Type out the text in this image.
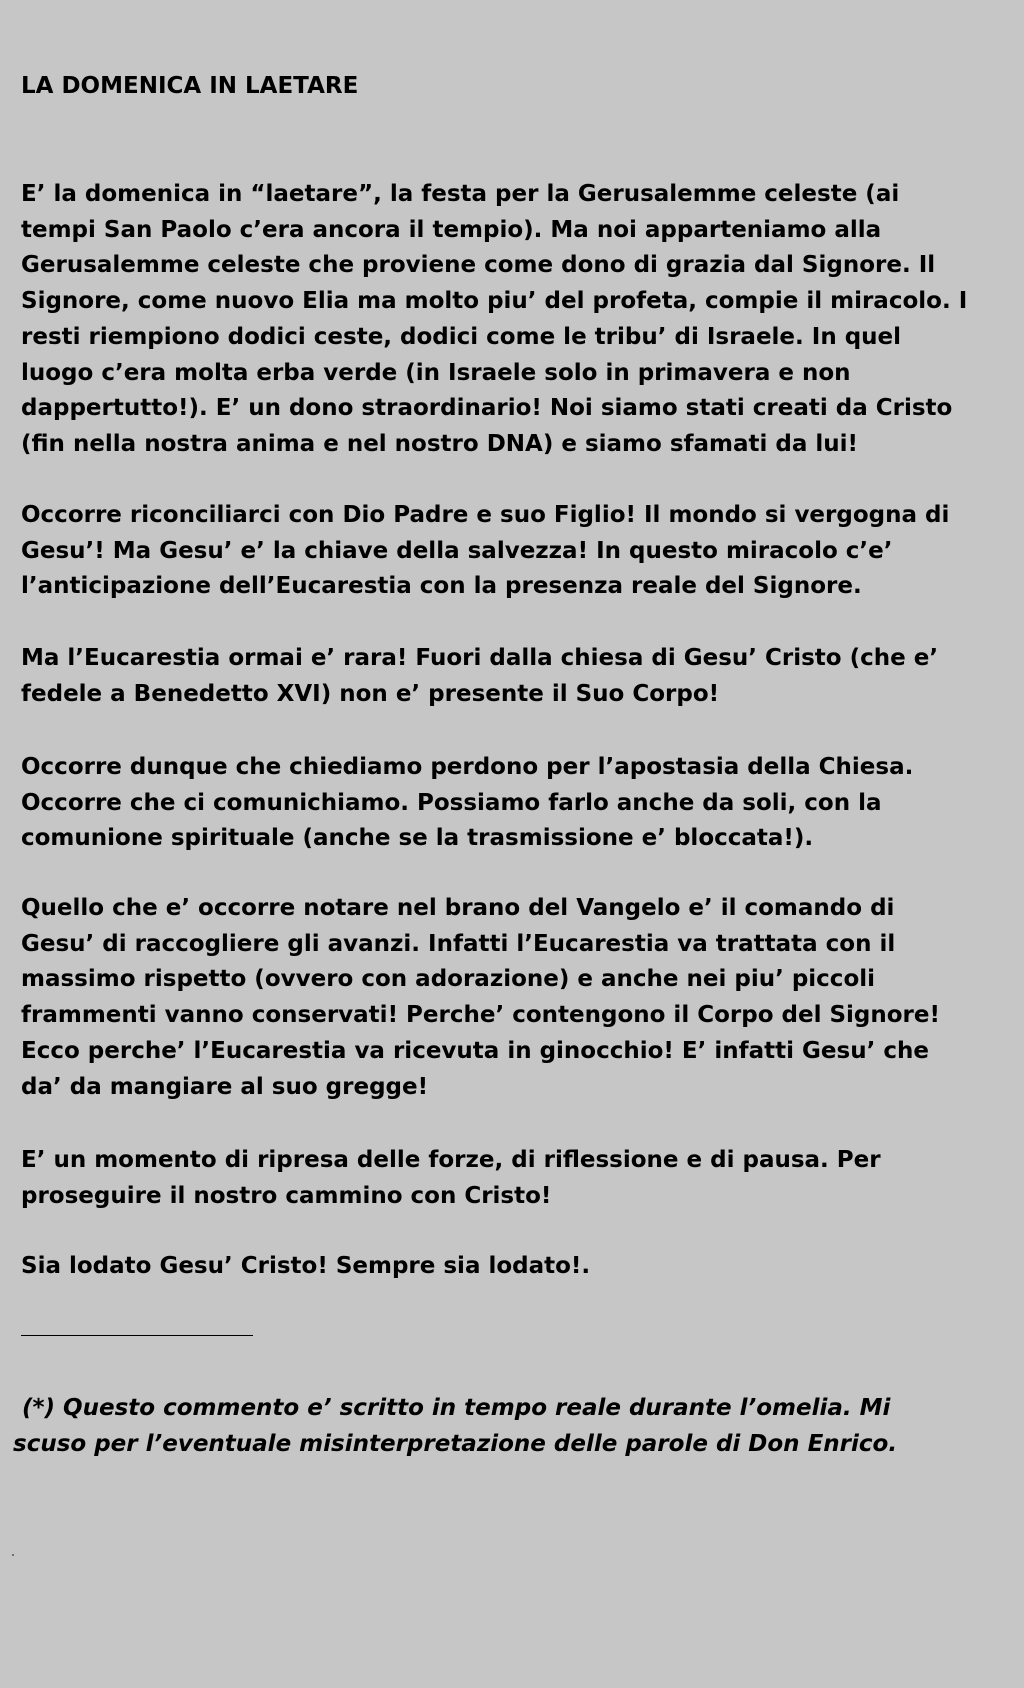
LA DOMENICA IN LAETARE

E’ la domenica in “laetare”, la festa per la Gerusalemme celeste (ai
tempi San Paolo c’era ancora il tempio). Ma noi apparteniamo alla
Gerusalemme celeste che proviene come dono di grazia dal Signore. Il
Signore, come nuovo Elia ma molto piu’ del profeta, compie il miracolo. I
resti riempiono dodici ceste, dodici come le tribu’ di Israele. In quel
luogo c’era molta erba verde (in Israele solo in primavera e non
dappertutto!). E’ un dono straordinario! Noi siamo stati creati da Cristo
(fin nella nostra anima e nel nostro DNA) e siamo sfamati da lui!

Occorre riconciliarci con Dio Padre e suo Figlio! Il mondo si vergogna di
Gesu’! Ma Gesu’ e’ la chiave della salvezza! In questo miracolo c’e’
l’anticipazione dell’Eucarestia con la presenza reale del Signore.

Ma l’Eucarestia ormai e’ rara! Fuori dalla chiesa di Gesu’ Cristo (che e’
fedele a Benedetto XVI) non e’ presente il Suo Corpo!

Occorre dunque che chiediamo perdono per l’apostasia della Chiesa.
Occorre che ci comunichiamo. Possiamo farlo anche da soli, con la
comunione spirituale (anche se la trasmissione e’ bloccata!).

Quello che e’ occorre notare nel brano del Vangelo e’ il comando di
Gesu’ di raccogliere gli avanzi. Infatti l’Eucarestia va trattata con il
massimo rispetto (ovvero con adorazione) e anche nei piu’ piccoli
frammenti vanno conservati! Perche’ contengono il Corpo del Signore!
Ecco perche’ l’Eucarestia va ricevuta in ginocchio! E’ infatti Gesu’ che
da’ da mangiare al suo gregge!

E’ un momento di ripresa delle forze, di riflessione e di pausa. Per
proseguire il nostro cammino con Cristo!

Sia lodato Gesu’ Cristo! Sempre sia lodato!.

(*) Questo commento e’ scritto in tempo reale durante l’omelia. Mi

scuso per l’eventuale misinterpretazione delle parole di Don Enrico.
